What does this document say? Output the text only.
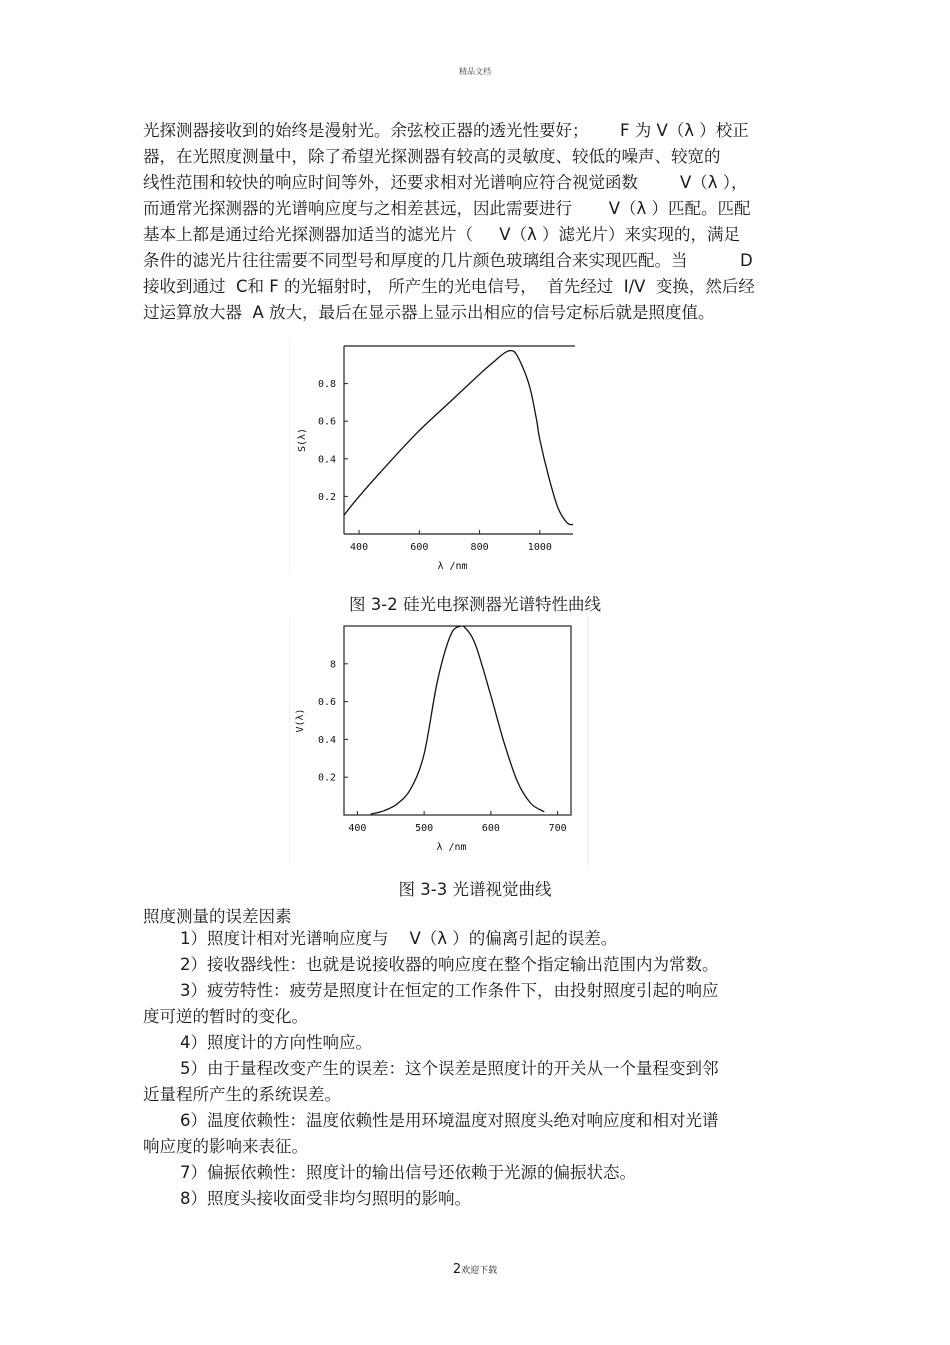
精品文档
光探测器接收到的始终是漫射光。余弦校正器的透光性要好；      F 为 V（λ ）校正
器，在光照度测量中，除了希望光探测器有较高的灵敏度、较低的噪声、较宽的
线性范围和较快的响应时间等外，还要求相对光谱响应符合视觉函数        V（λ ），
而通常光探测器的光谱响应度与之相差甚远，因此需要进行       V（λ ）匹配。匹配
基本上都是通过给光探测器加适当的滤光片（     V（λ ）滤光片）来实现的，满足
条件的滤光片往往需要不同型号和厚度的几片颜色玻璃组合来实现匹配。当          D
接收到通过  C和 F 的光辐射时， 所产生的光电信号，  首先经过  I/V  变换，然后经
过运算放大器  A 放大，最后在显示器上显示出相应的信号定标后就是照度值。
400	600	800	1000
0.2
0.4
0.6
0.8
λ /nm
S(λ)
图 3-2 硅光电探测器光谱特性曲线
400	500	600	700
0.2
0.4
0.6
8
λ /nm
V(λ)
图 3-3 光谱视觉曲线
照度测量的误差因素
1）照度计相对光谱响应度与    V（λ ）的偏离引起的误差。
2）接收器线性：也就是说接收器的响应度在整个指定输出范围内为常数。
3）疲劳特性：疲劳是照度计在恒定的工作条件下，由投射照度引起的响应
度可逆的暂时的变化。
4）照度计的方向性响应。
5）由于量程改变产生的误差：这个误差是照度计的开关从一个量程变到邻
近量程所产生的系统误差。
6）温度依赖性：温度依赖性是用环境温度对照度头绝对响应度和相对光谱
响应度的影响来表征。
7）偏振依赖性：照度计的输出信号还依赖于光源的偏振状态。
8）照度头接收面受非均匀照明的影响。
2欢迎下载
